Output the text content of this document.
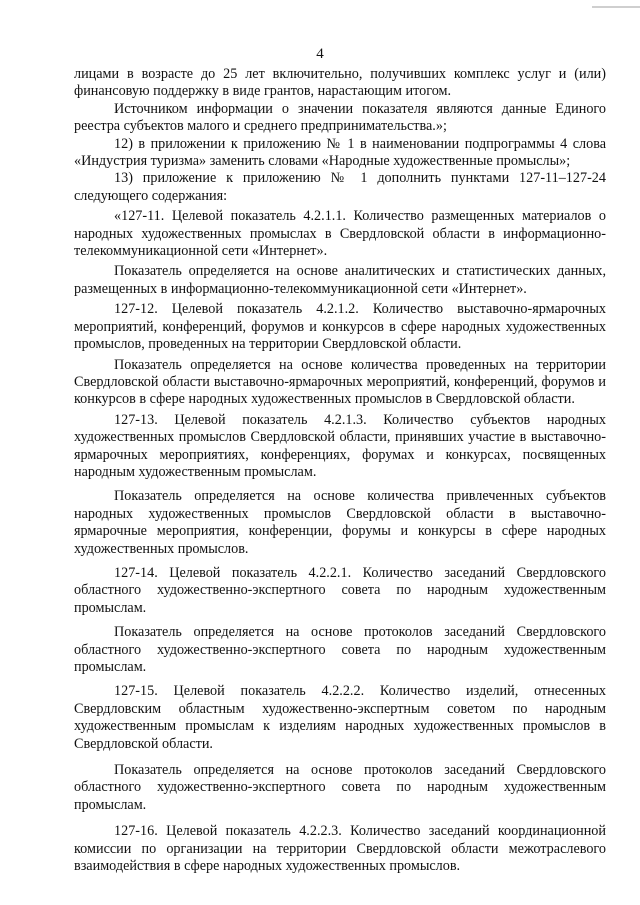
4

лицами в возрасте до 25 лет включительно, получивших комплекс услуг и (или) финансовую поддержку в виде грантов, нарастающим итогом.

Источником информации о значении показателя являются данные Единого реестра субъектов малого и среднего предпринимательства.»;

12) в приложении к приложению № 1 в наименовании подпрограммы 4 слова «Индустрия туризма» заменить словами «Народные художественные промыслы»;

13) приложение к приложению № 1 дополнить пунктами 127-11–127-24 следующего содержания:

«127-11. Целевой показатель 4.2.1.1. Количество размещенных материалов о народных художественных промыслах в Свердловской области в информационно-телекоммуникационной сети «Интернет».

Показатель определяется на основе аналитических и статистических данных, размещенных в информационно-телекоммуникационной сети «Интернет».

127-12. Целевой показатель 4.2.1.2. Количество выставочно-ярмарочных мероприятий, конференций, форумов и конкурсов в сфере народных художественных промыслов, проведенных на территории Свердловской области.

Показатель определяется на основе количества проведенных на территории Свердловской области выставочно-ярмарочных мероприятий, конференций, форумов и конкурсов в сфере народных художественных промыслов в Свердловской области.

127-13. Целевой показатель 4.2.1.3. Количество субъектов народных художественных промыслов Свердловской области, принявших участие в выставочно-ярмарочных мероприятиях, конференциях, форумах и конкурсах, посвященных народным художественным промыслам.

Показатель определяется на основе количества привлеченных субъектов народных художественных промыслов Свердловской области в выставочно-ярмарочные мероприятия, конференции, форумы и конкурсы в сфере народных художественных промыслов.

127-14. Целевой показатель 4.2.2.1. Количество заседаний Свердловского областного художественно-экспертного совета по народным художественным промыслам.

Показатель определяется на основе протоколов заседаний Свердловского областного художественно-экспертного совета по народным художественным промыслам.

127-15. Целевой показатель 4.2.2.2. Количество изделий, отнесенных Свердловским областным художественно-экспертным советом по народным художественным промыслам к изделиям народных художественных промыслов в Свердловской области.

Показатель определяется на основе протоколов заседаний Свердловского областного художественно-экспертного совета по народным художественным промыслам.

127-16. Целевой показатель 4.2.2.3. Количество заседаний координационной комиссии по организации на территории Свердловской области межотраслевого взаимодействия в сфере народных художественных промыслов.
